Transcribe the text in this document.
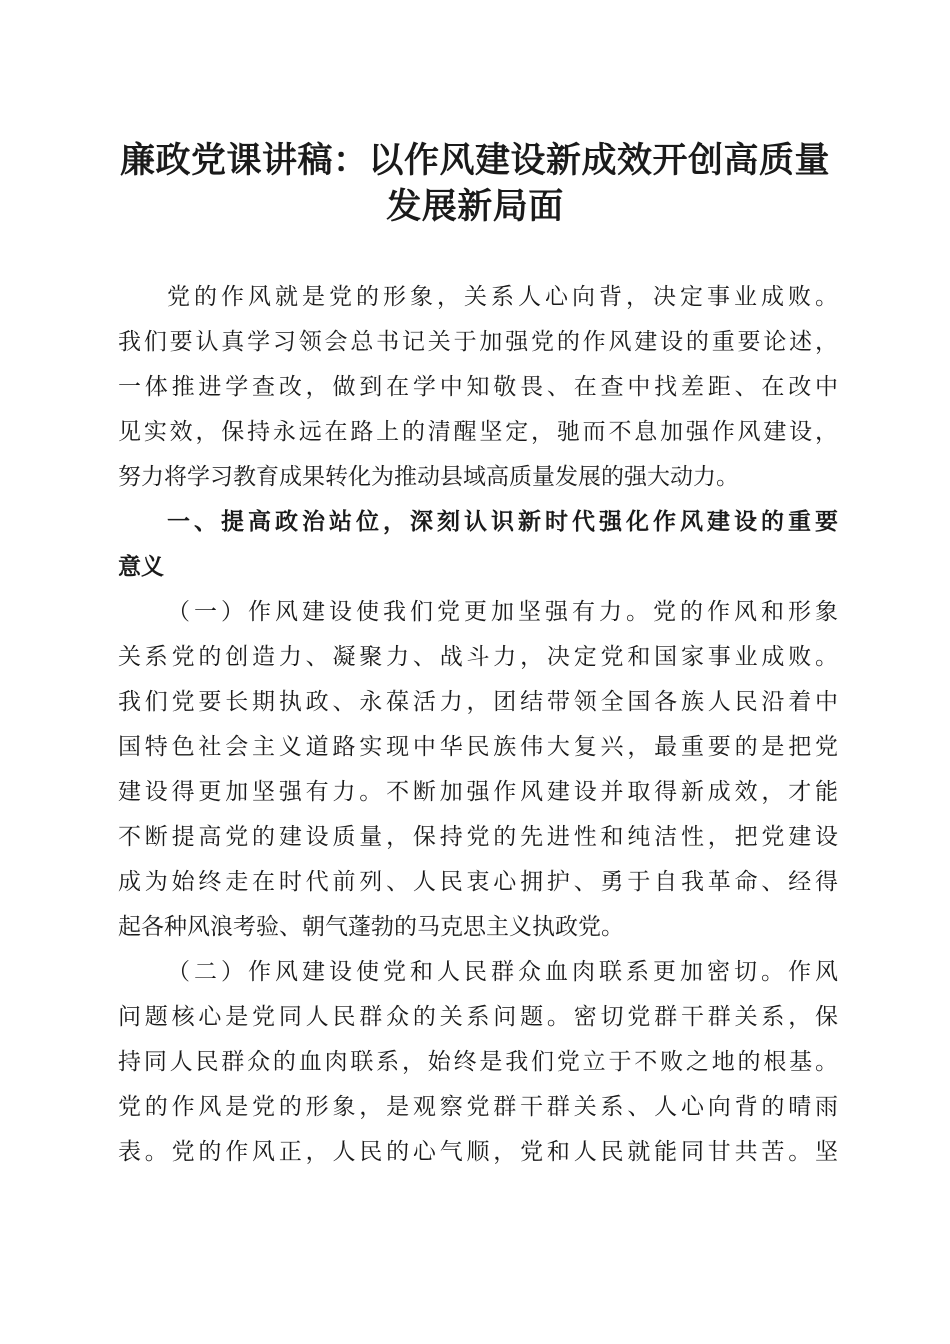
廉政党课讲稿：以作风建设新成效开创高质量
发展新局面
党的作风就是党的形象，关系人心向背，决定事业成败。
我们要认真学习领会总书记关于加强党的作风建设的重要论述，
一体推进学查改，做到在学中知敬畏、在查中找差距、在改中
见实效，保持永远在路上的清醒坚定，驰而不息加强作风建设，
努力将学习教育成果转化为推动县域高质量发展的强大动力。
一、提高政治站位，深刻认识新时代强化作风建设的重要
意义
（一）作风建设使我们党更加坚强有力。党的作风和形象
关系党的创造力、凝聚力、战斗力，决定党和国家事业成败。
我们党要长期执政、永葆活力，团结带领全国各族人民沿着中
国特色社会主义道路实现中华民族伟大复兴，最重要的是把党
建设得更加坚强有力。不断加强作风建设并取得新成效，才能
不断提高党的建设质量，保持党的先进性和纯洁性，把党建设
成为始终走在时代前列、人民衷心拥护、勇于自我革命、经得
起各种风浪考验、朝气蓬勃的马克思主义执政党。
（二）作风建设使党和人民群众血肉联系更加密切。作风
问题核心是党同人民群众的关系问题。密切党群干群关系，保
持同人民群众的血肉联系，始终是我们党立于不败之地的根基。
党的作风是党的形象，是观察党群干群关系、人心向背的晴雨
表。党的作风正，人民的心气顺，党和人民就能同甘共苦。坚
